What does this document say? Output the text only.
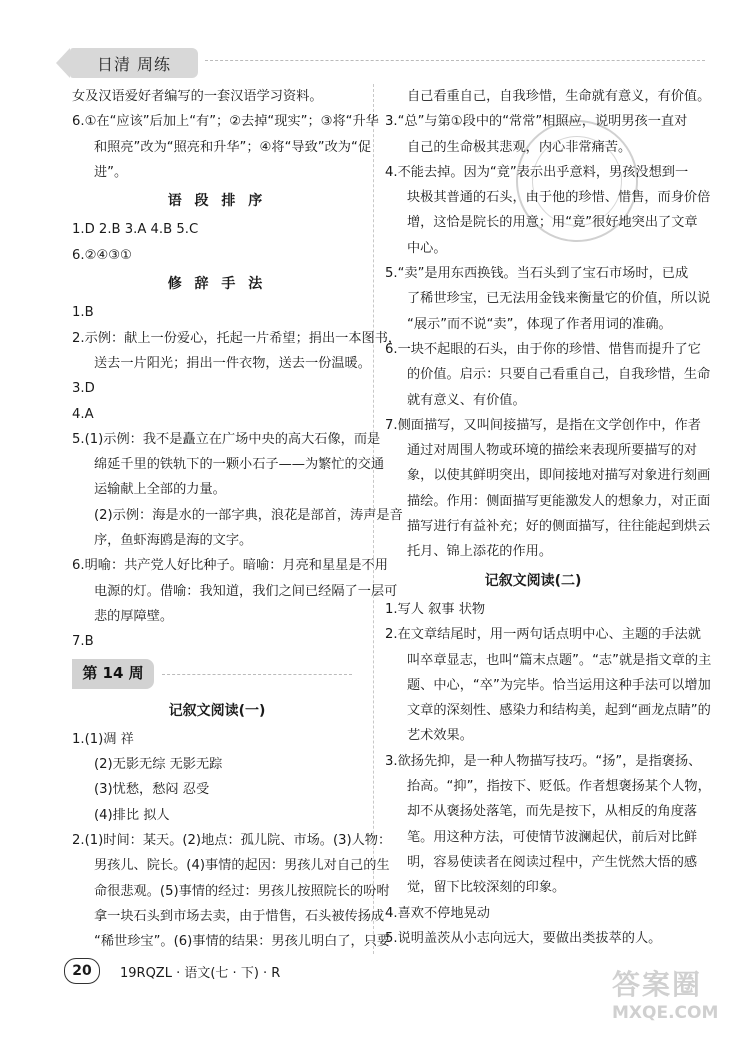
日清 周练
女及汉语爱好者编写的一套汉语学习资料。
6.①在“应该”后加上“有”；②去掉“现实”；③将“升华
和照亮”改为“照亮和升华”；④将“导致”改为“促
进”。
语 段 排 序
1.D 2.B 3.A 4.B 5.C
6.②④③①
修 辞 手 法
1.B
2.示例：献上一份爱心，托起一片希望；捐出一本图书，
送去一片阳光；捐出一件衣物，送去一份温暖。
3.D
4.A
5.(1)示例：我不是矗立在广场中央的高大石像，而是
绵延千里的铁轨下的一颗小石子——为繁忙的交通
运输献上全部的力量。
(2)示例：海是水的一部字典，浪花是部首，涛声是音
序，鱼虾海鸥是海的文字。
6.明喻：共产党人好比种子。暗喻：月亮和星星是不用
电源的灯。借喻：我知道，我们之间已经隔了一层可
悲的厚障壁。
7.B
第 14 周
记叙文阅读(一)
1.(1)凋 祥
(2)无影无综 无影无踪
(3)忧愁，愁闷 忍受
(4)排比 拟人
2.(1)时间：某天。(2)地点：孤儿院、市场。(3)人物：
男孩儿、院长。(4)事情的起因：男孩儿对自己的生
命很悲观。(5)事情的经过：男孩儿按照院长的吩咐
拿一块石头到市场去卖，由于惜售，石头被传扬成
“稀世珍宝”。(6)事情的结果：男孩儿明白了，只要
自己看重自己，自我珍惜，生命就有意义，有价值。
3.“总”与第①段中的“常常”相照应，说明男孩一直对
自己的生命极其悲观，内心非常痛苦。
4.不能去掉。因为“竟”表示出乎意料，男孩没想到一
块极其普通的石头，由于他的珍惜、惜售，而身价倍
增，这恰是院长的用意；用“竟”很好地突出了文章
中心。
5.“卖”是用东西换钱。当石头到了宝石市场时，已成
了稀世珍宝，已无法用金钱来衡量它的价值，所以说
“展示”而不说“卖”，体现了作者用词的准确。
6.一块不起眼的石头，由于你的珍惜、惜售而提升了它
的价值。启示：只要自己看重自己，自我珍惜，生命
就有意义、有价值。
7.侧面描写，又叫间接描写，是指在文学创作中，作者
通过对周围人物或环境的描绘来表现所要描写的对
象，以使其鲜明突出，即间接地对描写对象进行刻画
描绘。作用：侧面描写更能激发人的想象力，对正面
描写进行有益补充；好的侧面描写，往往能起到烘云
托月、锦上添花的作用。
记叙文阅读(二)
1.写人 叙事 状物
2.在文章结尾时，用一两句话点明中心、主题的手法就
叫卒章显志，也叫“篇末点题”。“志”就是指文章的主
题、中心，“卒”为完毕。恰当运用这种手法可以增加
文章的深刻性、感染力和结构美，起到“画龙点睛”的
艺术效果。
3.欲扬先抑，是一种人物描写技巧。“扬”，是指褒扬、
抬高。“抑”，指按下、贬低。作者想褒扬某个人物，
却不从褒扬处落笔，而先是按下，从相反的角度落
笔。用这种方法，可使情节波澜起伏，前后对比鲜
明，容易使读者在阅读过程中，产生恍然大悟的感
觉，留下比较深刻的印象。
4.喜欢不停地晃动
5.说明盖茨从小志向远大，要做出类拔萃的人。
20	19RQZL · 语文(七 · 下) · R	答案圈
MXQE.COM
